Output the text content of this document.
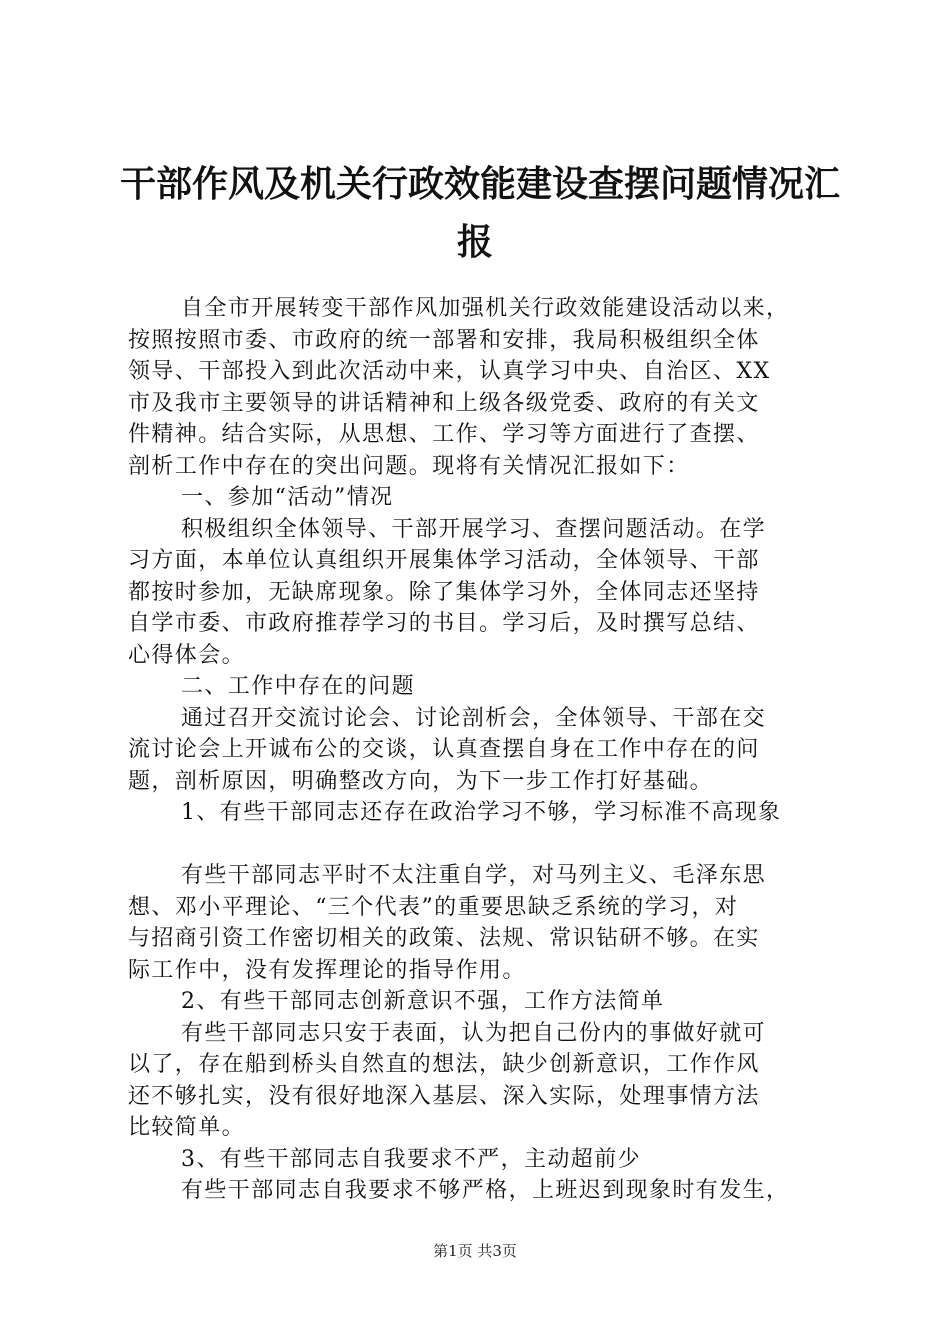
干部作风及机关行政效能建设查摆问题情况汇
报
自全市开展转变干部作风加强机关行政效能建设活动以来，
按照按照市委、市政府的统一部署和安排，我局积极组织全体
领导、干部投入到此次活动中来，认真学习中央、自治区、XX
市及我市主要领导的讲话精神和上级各级党委、政府的有关文
件精神。结合实际，从思想、工作、学习等方面进行了查摆、
剖析工作中存在的突出问题。现将有关情况汇报如下：
一、参加“活动”情况
积极组织全体领导、干部开展学习、查摆问题活动。在学
习方面，本单位认真组织开展集体学习活动，全体领导、干部
都按时参加，无缺席现象。除了集体学习外，全体同志还坚持
自学市委、市政府推荐学习的书目。学习后，及时撰写总结、
心得体会。
二、工作中存在的问题
通过召开交流讨论会、讨论剖析会，全体领导、干部在交
流讨论会上开诚布公的交谈，认真查摆自身在工作中存在的问
题，剖析原因，明确整改方向，为下一步工作打好基础。
1、有些干部同志还存在政治学习不够，学习标准不高现象
有些干部同志平时不太注重自学，对马列主义、毛泽东思
想、邓小平理论、“三个代表”的重要思缺乏系统的学习，对
与招商引资工作密切相关的政策、法规、常识钻研不够。在实
际工作中，没有发挥理论的指导作用。
2、有些干部同志创新意识不强，工作方法简单
有些干部同志只安于表面，认为把自己份内的事做好就可
以了，存在船到桥头自然直的想法，缺少创新意识，工作作风
还不够扎实，没有很好地深入基层、深入实际，处理事情方法
比较简单。
3、有些干部同志自我要求不严，主动超前少
有些干部同志自我要求不够严格，上班迟到现象时有发生，
第1页 共3页
